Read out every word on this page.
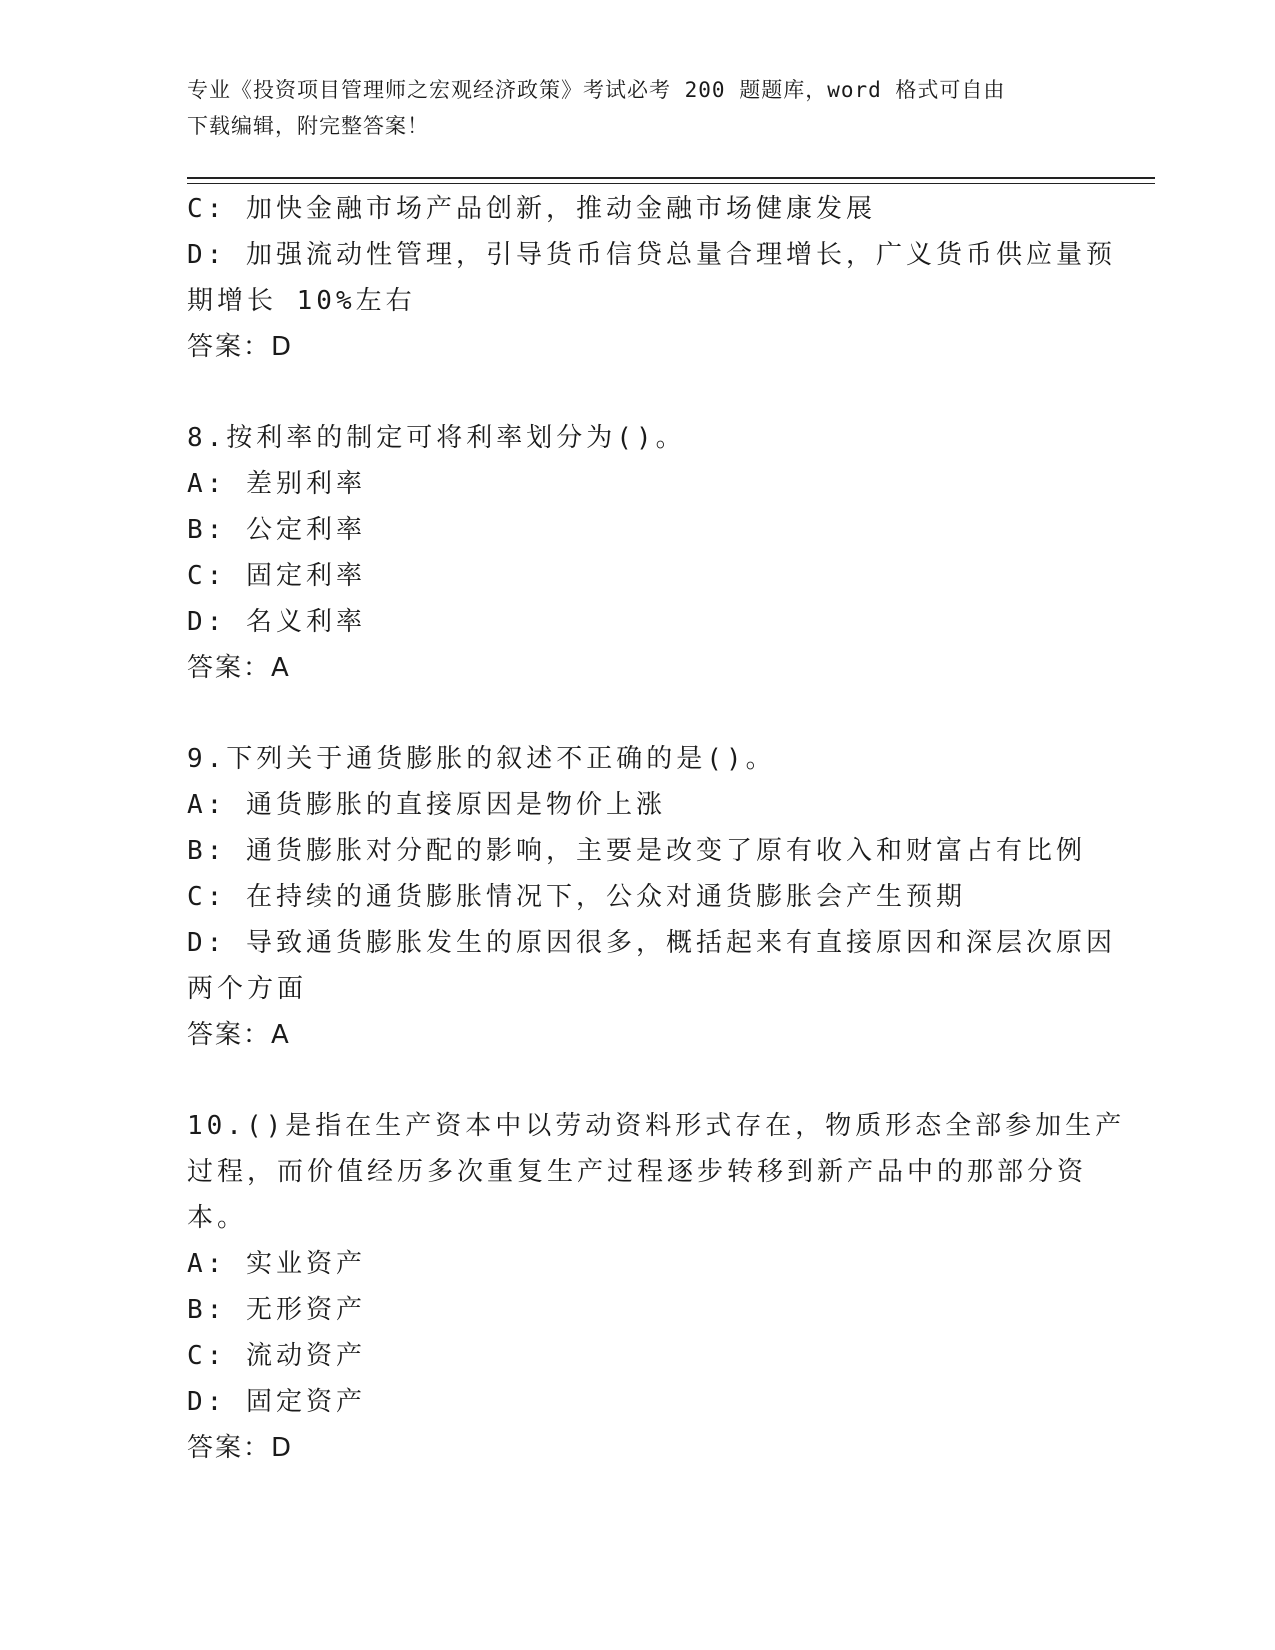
专业《投资项目管理师之宏观经济政策》考试必考 200 题题库，word 格式可自由
下载编辑，附完整答案！
C: 加快金融市场产品创新，推动金融市场健康发展
D: 加强流动性管理，引导货币信贷总量合理增长，广义货币供应量预
期增长 10%左右
答案：D
8.按利率的制定可将利率划分为()。
A: 差别利率
B: 公定利率
C: 固定利率
D: 名义利率
答案：A
9.下列关于通货膨胀的叙述不正确的是()。
A: 通货膨胀的直接原因是物价上涨
B: 通货膨胀对分配的影响，主要是改变了原有收入和财富占有比例
C: 在持续的通货膨胀情况下，公众对通货膨胀会产生预期
D: 导致通货膨胀发生的原因很多，概括起来有直接原因和深层次原因
两个方面
答案：A
10.()是指在生产资本中以劳动资料形式存在，物质形态全部参加生产
过程，而价值经历多次重复生产过程逐步转移到新产品中的那部分资
本。
A: 实业资产
B: 无形资产
C: 流动资产
D: 固定资产
答案：D
